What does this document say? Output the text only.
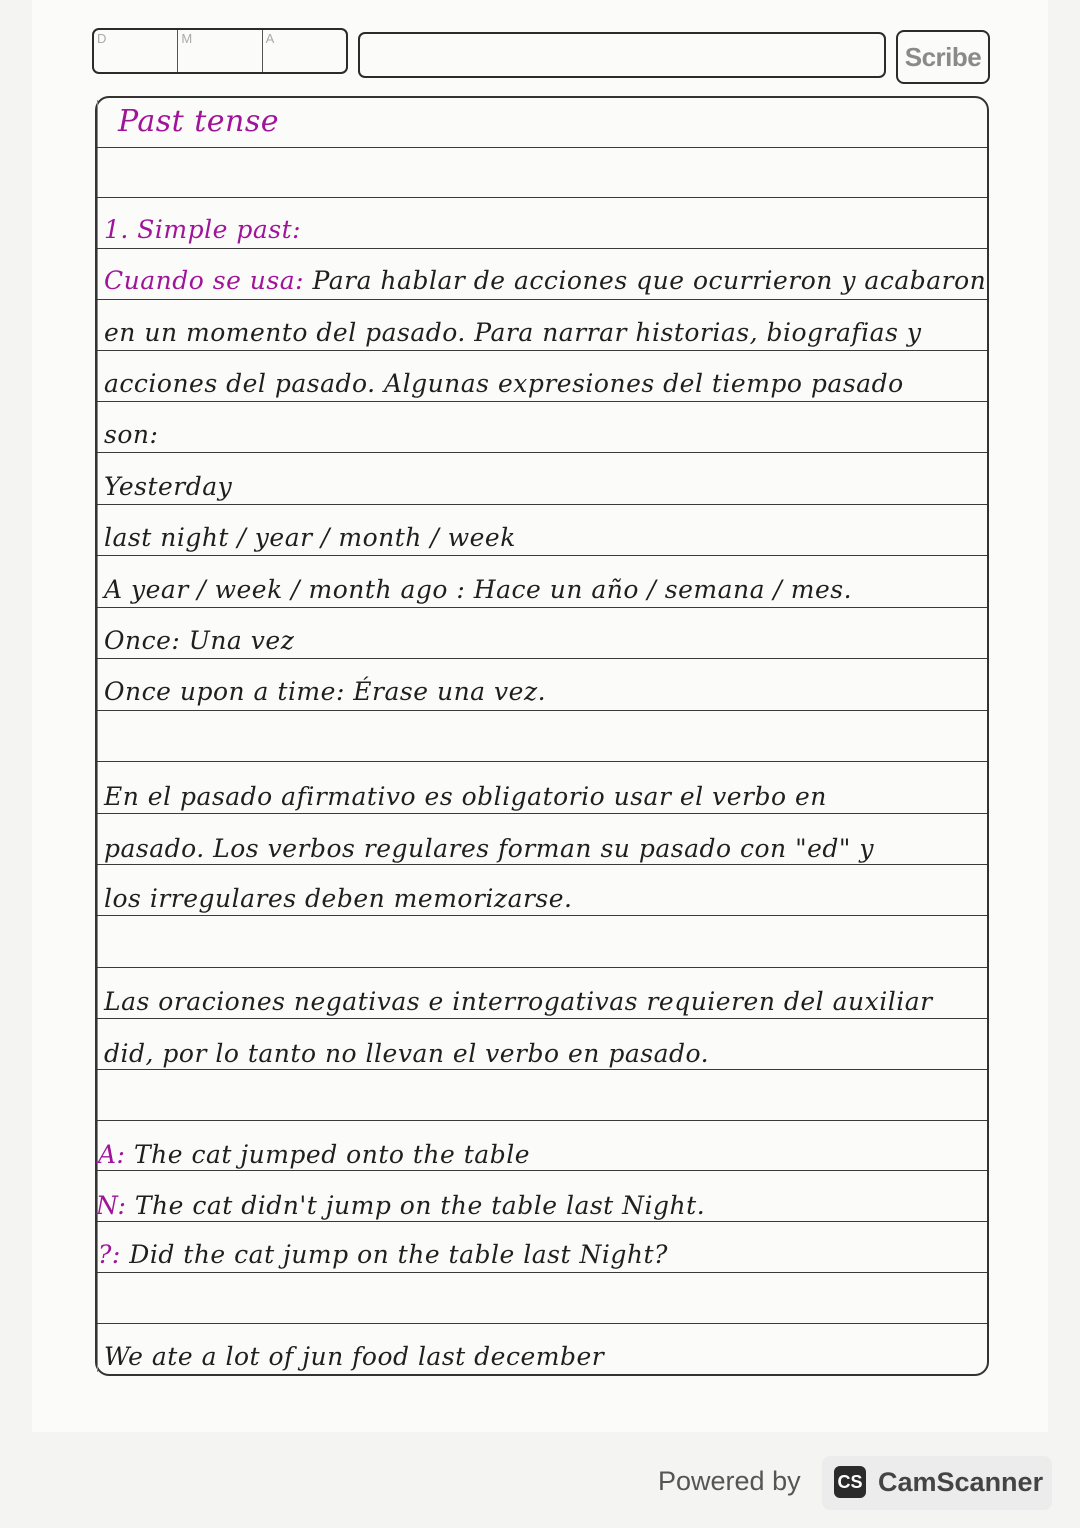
D	M	A
Scribe
Past tense
1. Simple past:
Cuando se usa: Para hablar de acciones que ocurrieron y acabaron
en un momento del pasado. Para narrar historias, biografias y
acciones del pasado. Algunas expresiones del tiempo pasado
son:
Yesterday
last night / year / month / week
A year / week / month ago : Hace un año / semana / mes.
Once: Una vez
Once upon a time: Érase una vez.
En el pasado afirmativo es obligatorio usar el verbo en
pasado. Los verbos regulares forman su pasado con "ed" y
los irregulares deben memorizarse.
Las oraciones negativas e interrogativas requieren del auxiliar
did, por lo tanto no llevan el verbo en pasado.
A: The cat jumped onto the table
N: The cat didn't jump on the table last Night.
?: Did the cat jump on the table last Night?
We ate a lot of jun food last december
Powered by CS CamScanner
